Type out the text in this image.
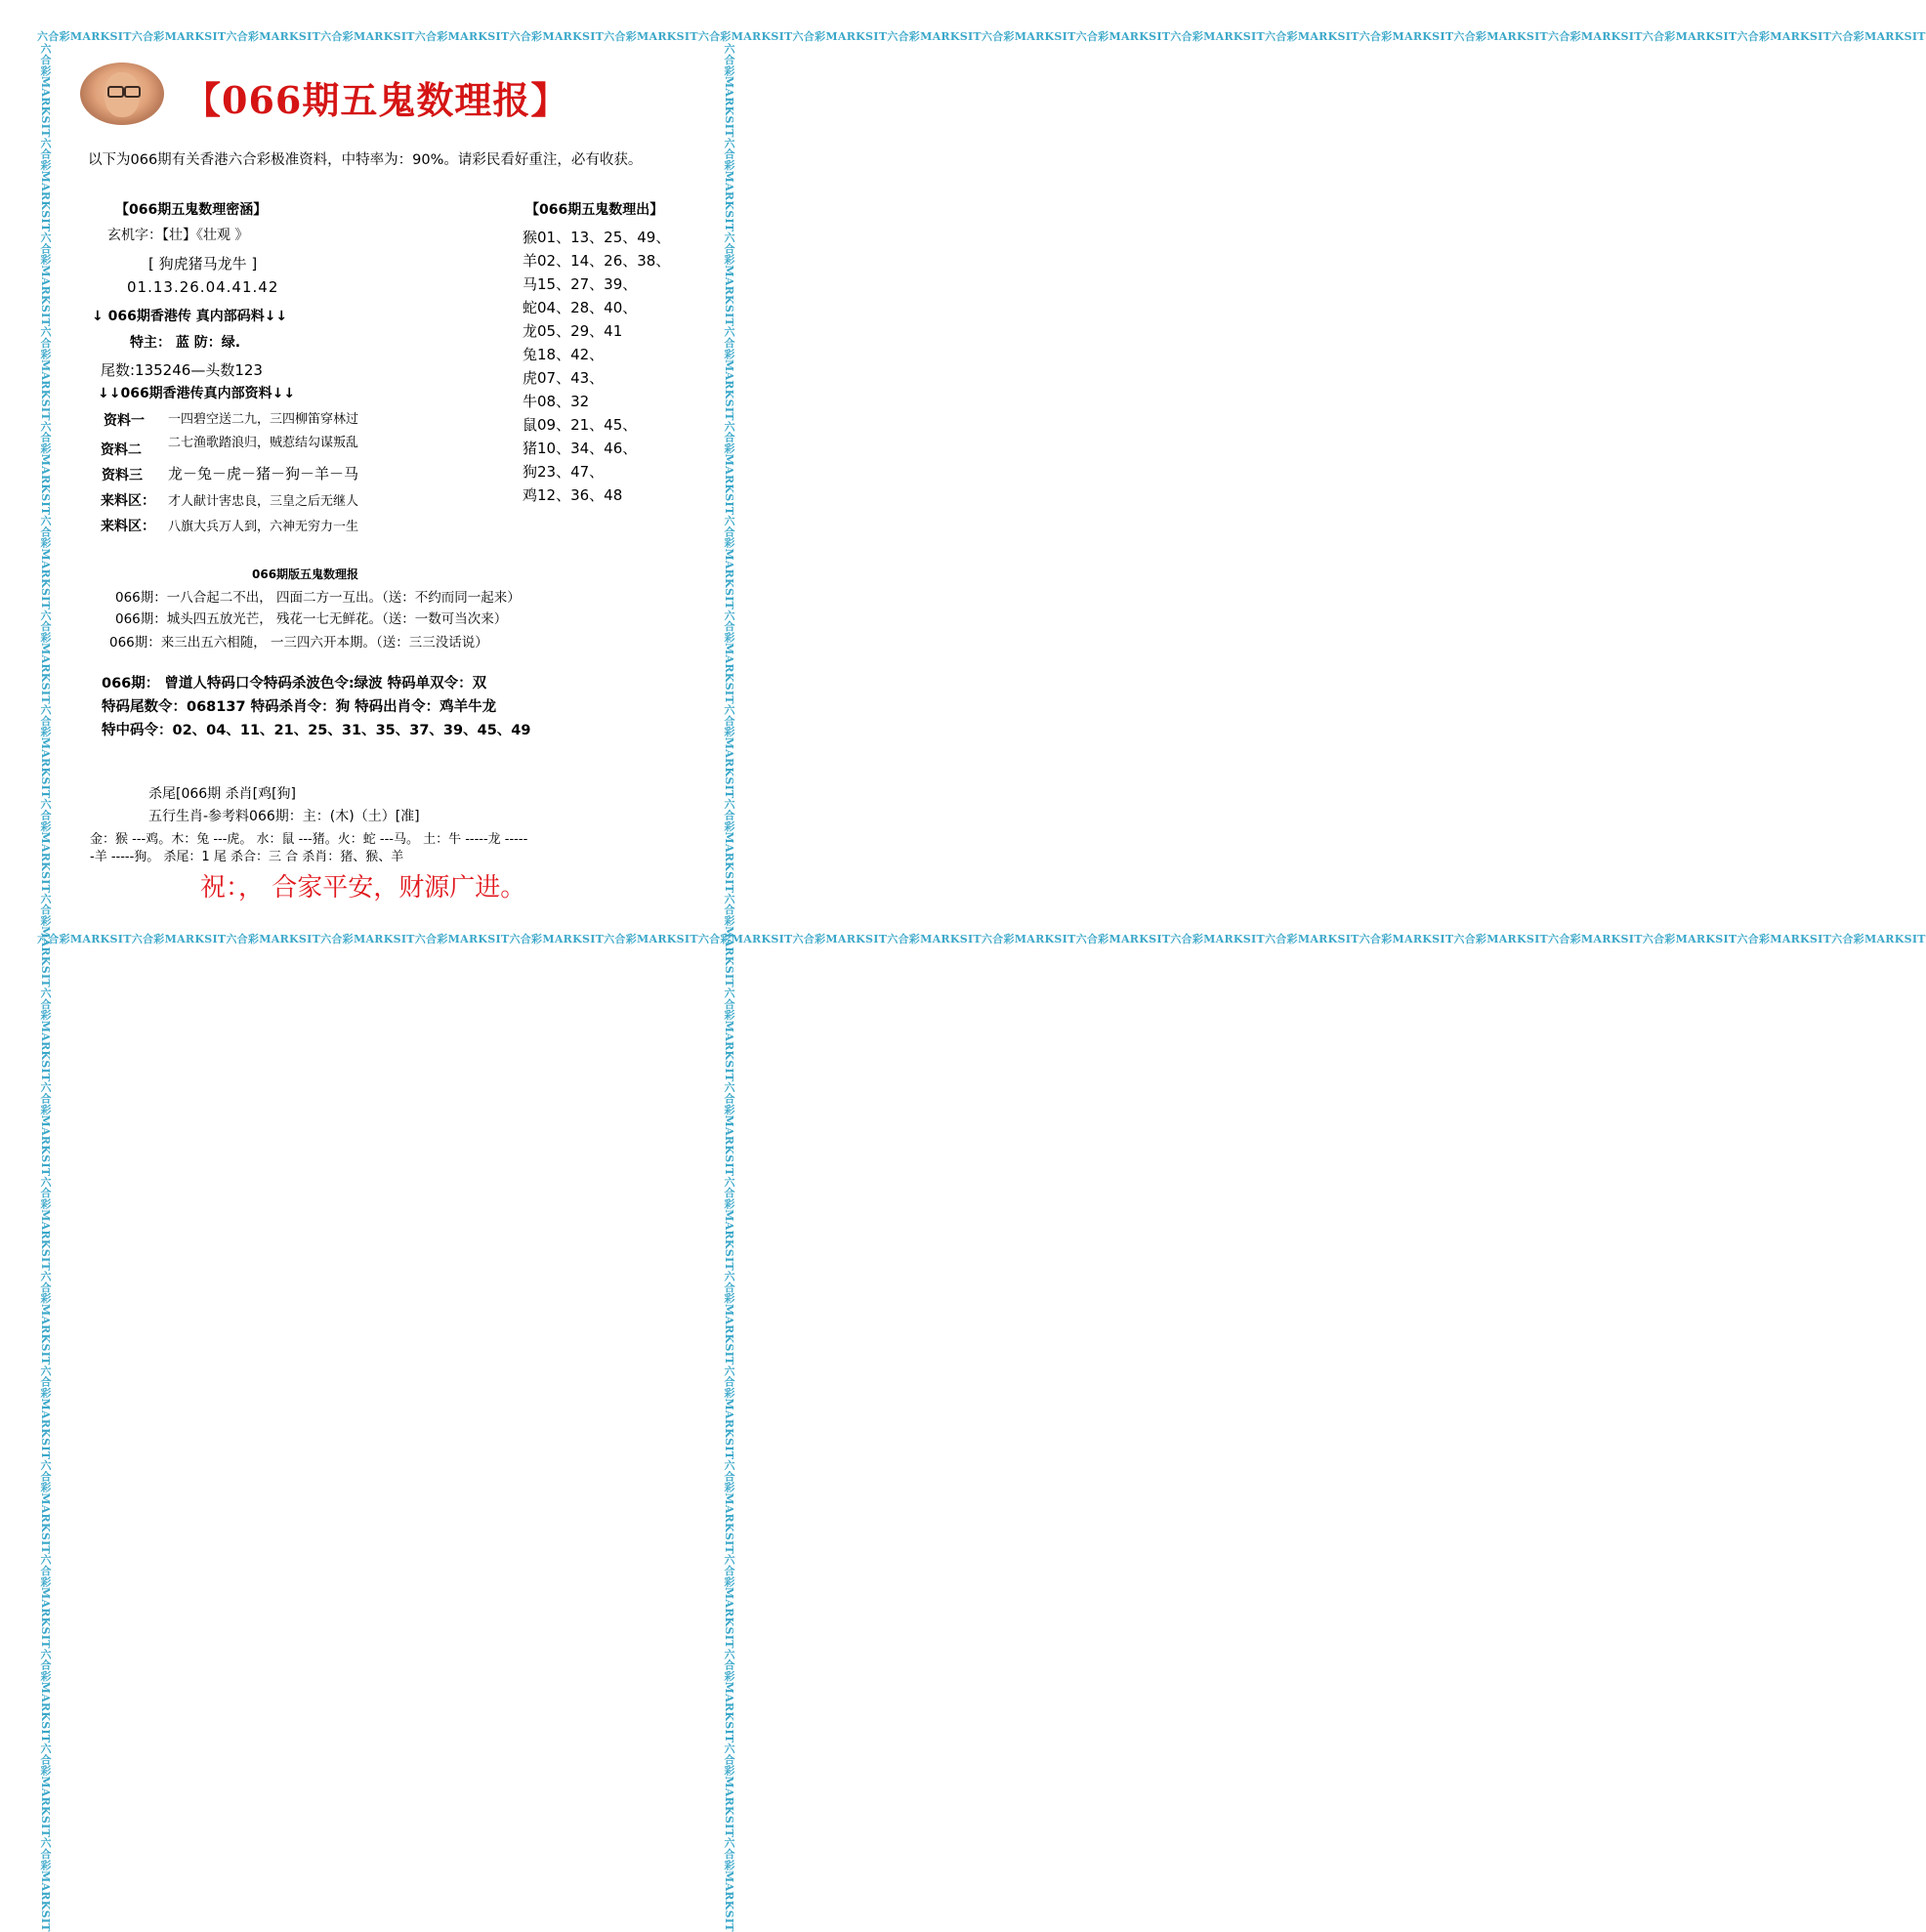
六合彩MARKSIT六合彩MARKSIT六合彩MARKSIT六合彩MARKSIT六合彩MARKSIT六合彩MARKSIT六合彩MARKSIT六合彩MARKSIT六合彩MARKSIT六合彩MARKSIT六合彩MARKSIT六合彩MARKSIT六合彩MARKSIT六合彩MARKSIT六合彩MARKSIT六合彩MARKSIT六合彩MARKSIT六合彩MARKSIT六合彩MARKSIT六合彩MARKSIT
六合彩MARKSIT六合彩MARKSIT六合彩MARKSIT六合彩MARKSIT六合彩MARKSIT六合彩MARKSIT六合彩MARKSIT六合彩MARKSIT六合彩MARKSIT六合彩MARKSIT六合彩MARKSIT六合彩MARKSIT六合彩MARKSIT六合彩MARKSIT六合彩MARKSIT六合彩MARKSIT六合彩MARKSIT六合彩MARKSIT六合彩MARKSIT六合彩MARKSIT
六合彩MARKSIT六合彩MARKSIT六合彩MARKSIT六合彩MARKSIT六合彩MARKSIT六合彩MARKSIT六合彩MARKSIT六合彩MARKSIT六合彩MARKSIT六合彩MARKSIT六合彩MARKSIT六合彩MARKSIT六合彩MARKSIT六合彩MARKSIT六合彩MARKSIT六合彩MARKSIT六合彩MARKSIT六合彩MARKSIT六合彩MARKSIT六合彩MARKSIT	六合彩MARKSIT六合彩MARKSIT六合彩MARKSIT六合彩MARKSIT六合彩MARKSIT六合彩MARKSIT六合彩MARKSIT六合彩MARKSIT六合彩MARKSIT六合彩MARKSIT六合彩MARKSIT六合彩MARKSIT六合彩MARKSIT六合彩MARKSIT六合彩MARKSIT六合彩MARKSIT六合彩MARKSIT六合彩MARKSIT六合彩MARKSIT六合彩MARKSIT
【066期五鬼数理报】
以下为066期有关香港六合彩极准资料，中特率为：90%。请彩民看好重注，必有收获。
【066期五鬼数理密涵】
玄机字：【壮】《壮观 》
[ 狗虎猪马龙牛 ]
01.13.26.04.41.42
↓ 066期香港传 真内部码料↓↓
特主： 蓝 防：绿.
尾数:135246—头数123
↓↓066期香港传真内部资料↓↓
资料一 一四碧空送二九，三四柳笛穿林过
资料二 二七渔歌踏浪归，贼惹结勾谋叛乱
资料三 龙－兔－虎－猪－狗－羊－马
来料区： 才人献计害忠良，三皇之后无继人
来料区： 八旗大兵万人到，六神无穷力一生
【066期五鬼数理出】
猴01、13、25、49、
羊02、14、26、38、
马15、27、39、
蛇04、28、40、
龙05、29、41
兔18、42、
虎07、43、
牛08、32
鼠09、21、45、
猪10、34、46、
狗23、47、
鸡12、36、48
066期版五鬼数理报
066期：一八合起二不出， 四面二方一互出。（送：不约而同一起来）
066期：城头四五放光芒， 残花一七无鲜花。（送：一数可当次来）
066期：来三出五六相随， 一三四六开本期。（送：三三没话说）
066期： 曾道人特码口令特码杀波色令:绿波 特码单双令：双
特码尾数令：068137 特码杀肖令：狗 特码出肖令：鸡羊牛龙
特中码令：02、04、11、21、25、31、35、37、39、45、49
杀尾[066期 杀肖[鸡[狗]
五行生肖-参考料066期：主：(木)（土）[准]
金：猴 ---鸡。木：兔 ---虎。 水：鼠 ---猪。火：蛇 ---马。 土：牛 -----龙 -----
-羊 -----狗。 杀尾：1 尾 杀合：三 合 杀肖：猪、猴、羊
祝：， 合家平安，财源广进。
